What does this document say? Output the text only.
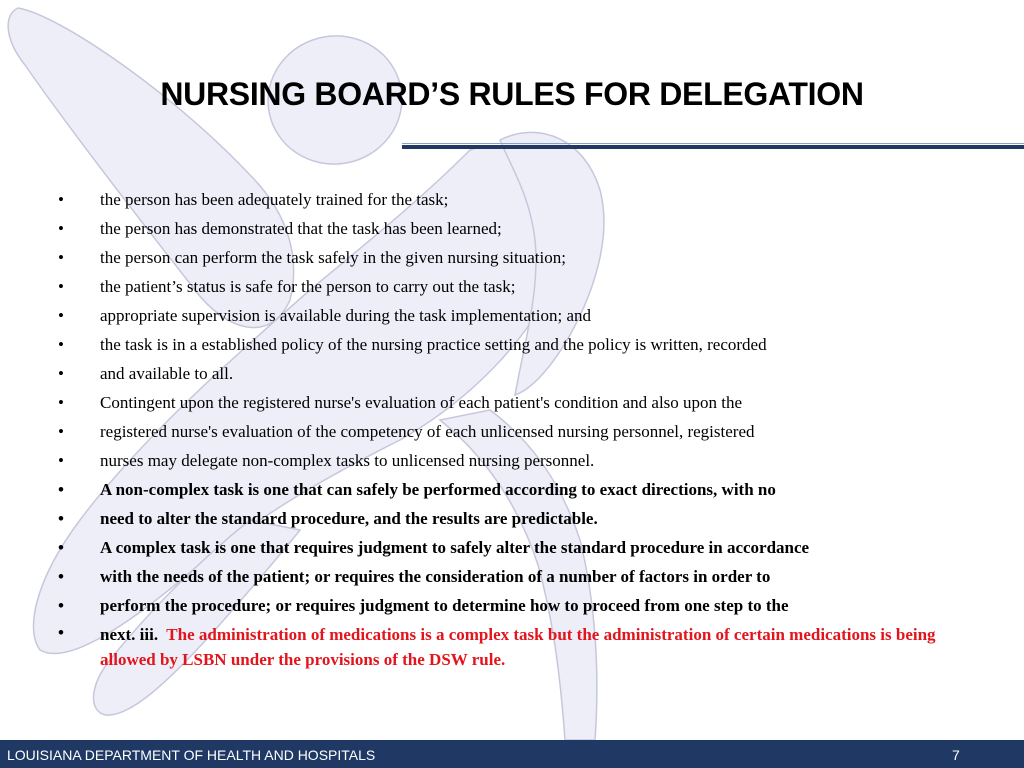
NURSING BOARD’S RULES FOR DELEGATION
• the person has been adequately trained for the task;
• the person has demonstrated that the task has been learned;
• the person can perform the task safely in the given nursing situation;
• the patient’s status is safe for the person to carry out the task;
• appropriate supervision is available during the task implementation; and
• the task is in a established policy of the nursing practice setting and the policy is written, recorded
• and available to all.
• Contingent upon the registered nurse's evaluation of each patient's condition and also upon the
• registered nurse's evaluation of the competency of each unlicensed nursing personnel, registered
• nurses may delegate non-complex tasks to unlicensed nursing personnel.
• A non-complex task is one that can safely be performed according to exact directions, with no
• need to alter the standard procedure, and the results are predictable.
• A complex task is one that requires judgment to safely alter the standard procedure in accordance
• with the needs of the patient; or requires the consideration of a number of factors in order to
• perform the procedure; or requires judgment to determine how to proceed from one step to the
• next. iii. The administration of medications is a complex task but the administration of certain medications is being allowed by LSBN under the provisions of the DSW rule.
LOUISIANA DEPARTMENT OF HEALTH AND HOSPITALS	7
